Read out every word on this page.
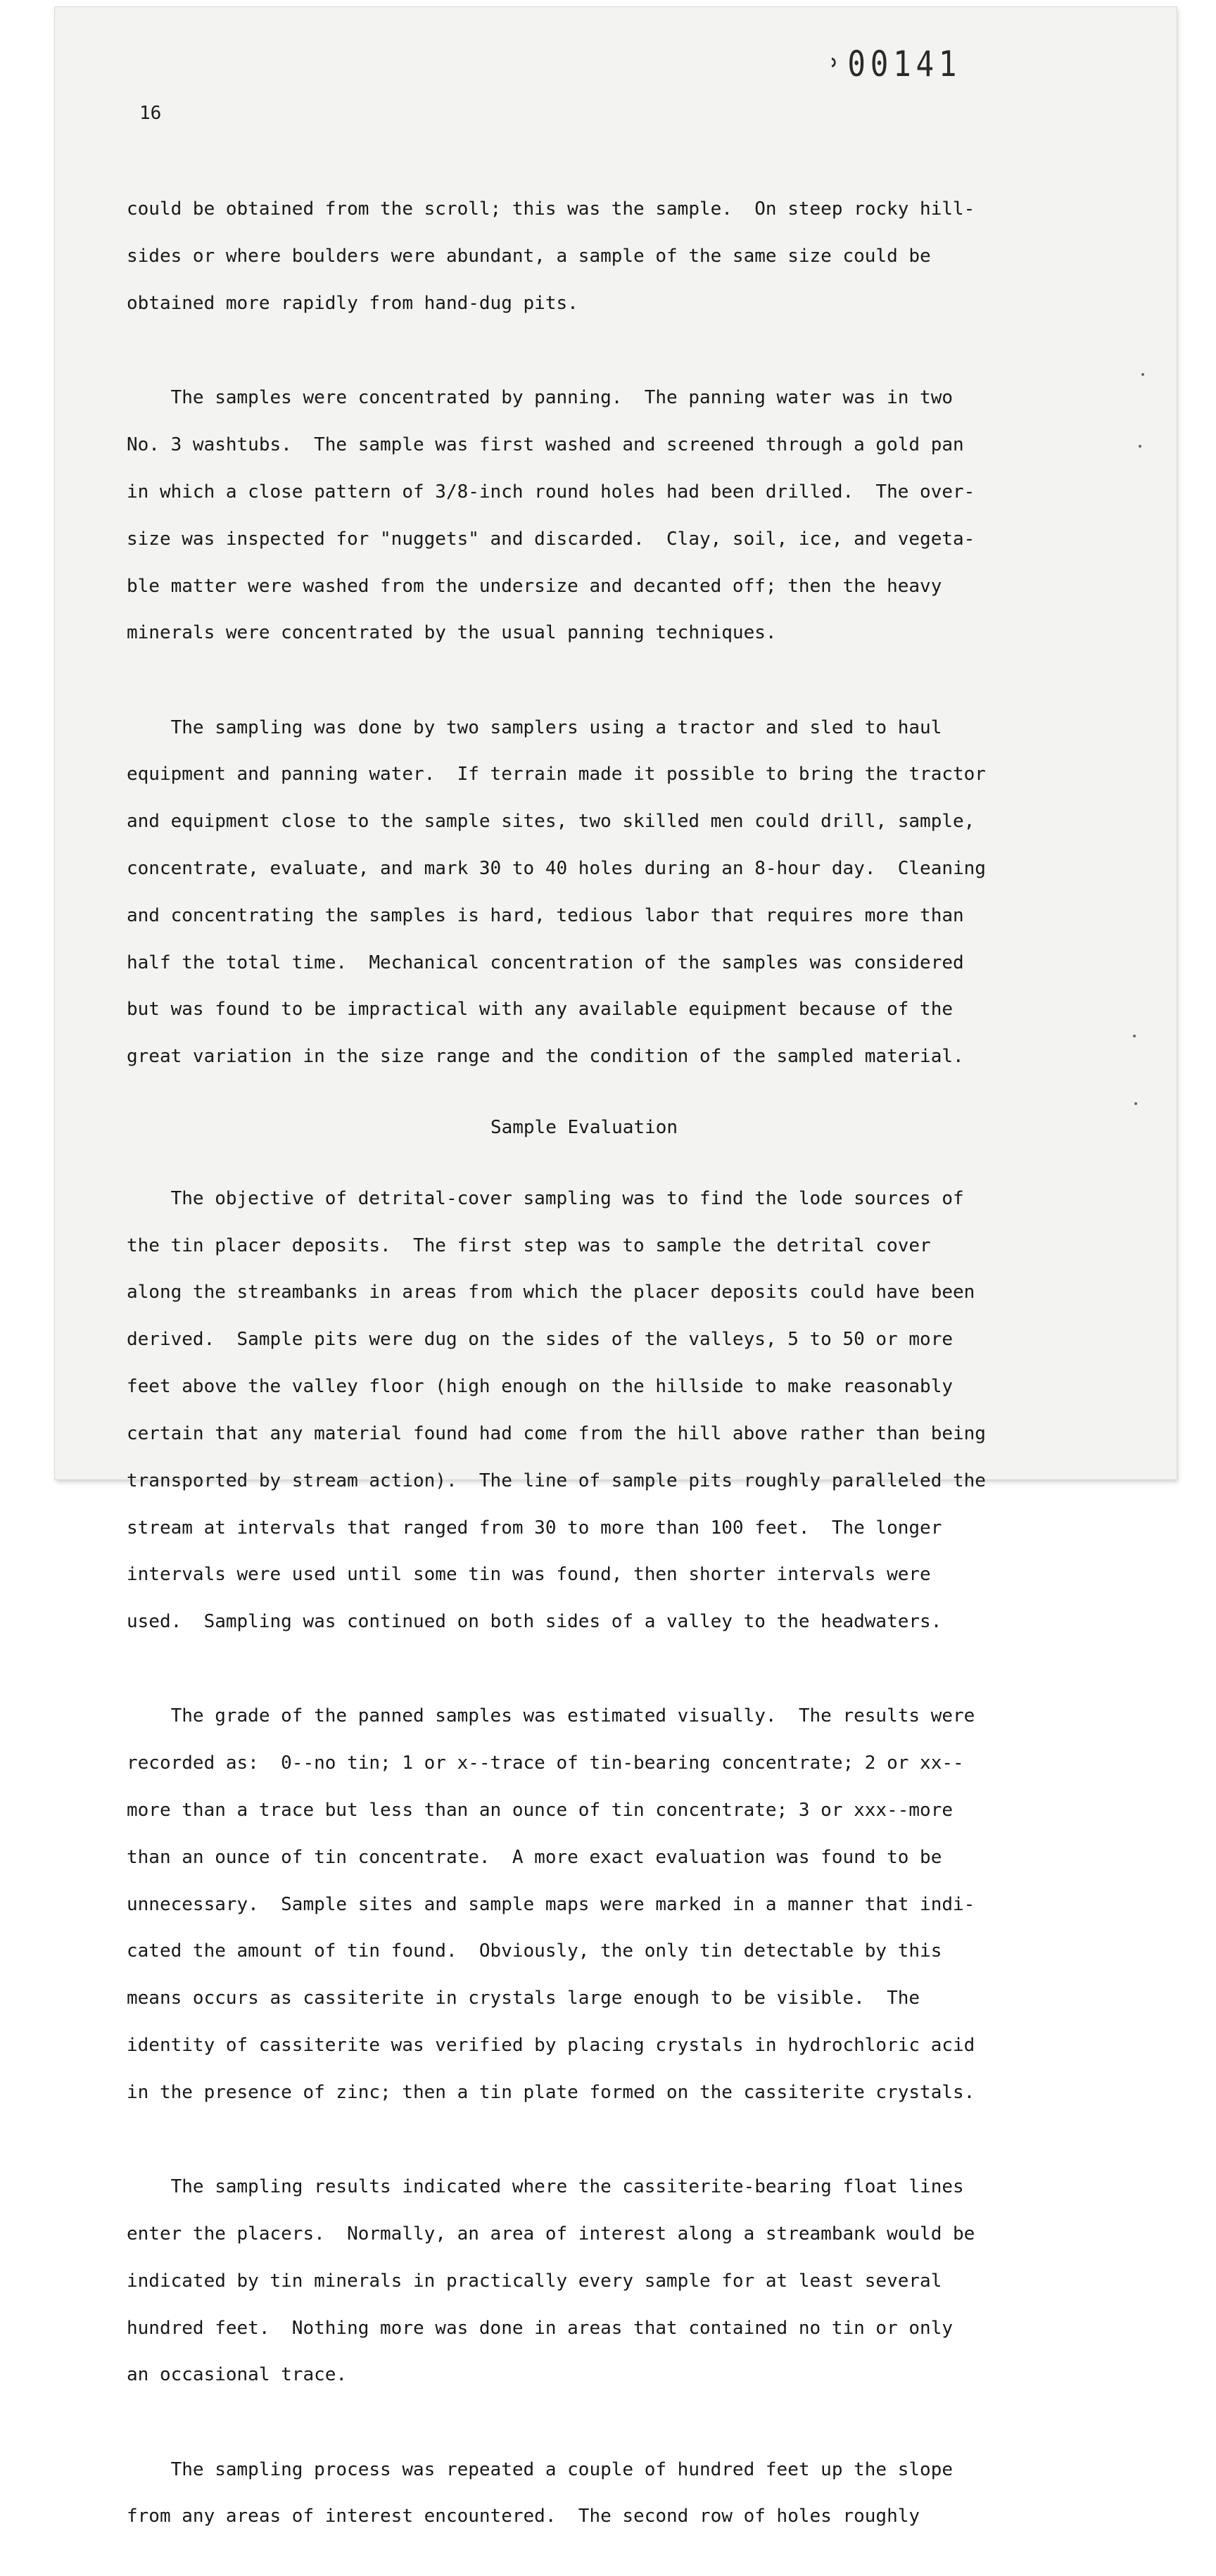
˒00141
16

could be obtained from the scroll; this was the sample.  On steep rocky hill-

sides or where boulders were abundant, a sample of the same size could be

obtained more rapidly from hand-dug pits.

The samples were concentrated by panning.  The panning water was in two

No. 3 washtubs.  The sample was first washed and screened through a gold pan

in which a close pattern of 3/8-inch round holes had been drilled.  The over-

size was inspected for "nuggets" and discarded.  Clay, soil, ice, and vegeta-

ble matter were washed from the undersize and decanted off; then the heavy

minerals were concentrated by the usual panning techniques.

The sampling was done by two samplers using a tractor and sled to haul

equipment and panning water.  If terrain made it possible to bring the tractor

and equipment close to the sample sites, two skilled men could drill, sample,

concentrate, evaluate, and mark 30 to 40 holes during an 8-hour day.  Cleaning

and concentrating the samples is hard, tedious labor that requires more than

half the total time.  Mechanical concentration of the samples was considered

but was found to be impractical with any available equipment because of the

great variation in the size range and the condition of the sampled material.

Sample Evaluation

The objective of detrital-cover sampling was to find the lode sources of

the tin placer deposits.  The first step was to sample the detrital cover

along the streambanks in areas from which the placer deposits could have been

derived.  Sample pits were dug on the sides of the valleys, 5 to 50 or more

feet above the valley floor (high enough on the hillside to make reasonably

certain that any material found had come from the hill above rather than being

transported by stream action).  The line of sample pits roughly paralleled the

stream at intervals that ranged from 30 to more than 100 feet.  The longer

intervals were used until some tin was found, then shorter intervals were

used.  Sampling was continued on both sides of a valley to the headwaters.

The grade of the panned samples was estimated visually.  The results were

recorded as:  0--no tin; 1 or x--trace of tin-bearing concentrate; 2 or xx--

more than a trace but less than an ounce of tin concentrate; 3 or xxx--more

than an ounce of tin concentrate.  A more exact evaluation was found to be

unnecessary.  Sample sites and sample maps were marked in a manner that indi-

cated the amount of tin found.  Obviously, the only tin detectable by this

means occurs as cassiterite in crystals large enough to be visible.  The

identity of cassiterite was verified by placing crystals in hydrochloric acid

in the presence of zinc; then a tin plate formed on the cassiterite crystals.

The sampling results indicated where the cassiterite-bearing float lines

enter the placers.  Normally, an area of interest along a streambank would be

indicated by tin minerals in practically every sample for at least several

hundred feet.  Nothing more was done in areas that contained no tin or only

an occasional trace.

The sampling process was repeated a couple of hundred feet up the slope

from any areas of interest encountered.  The second row of holes roughly
